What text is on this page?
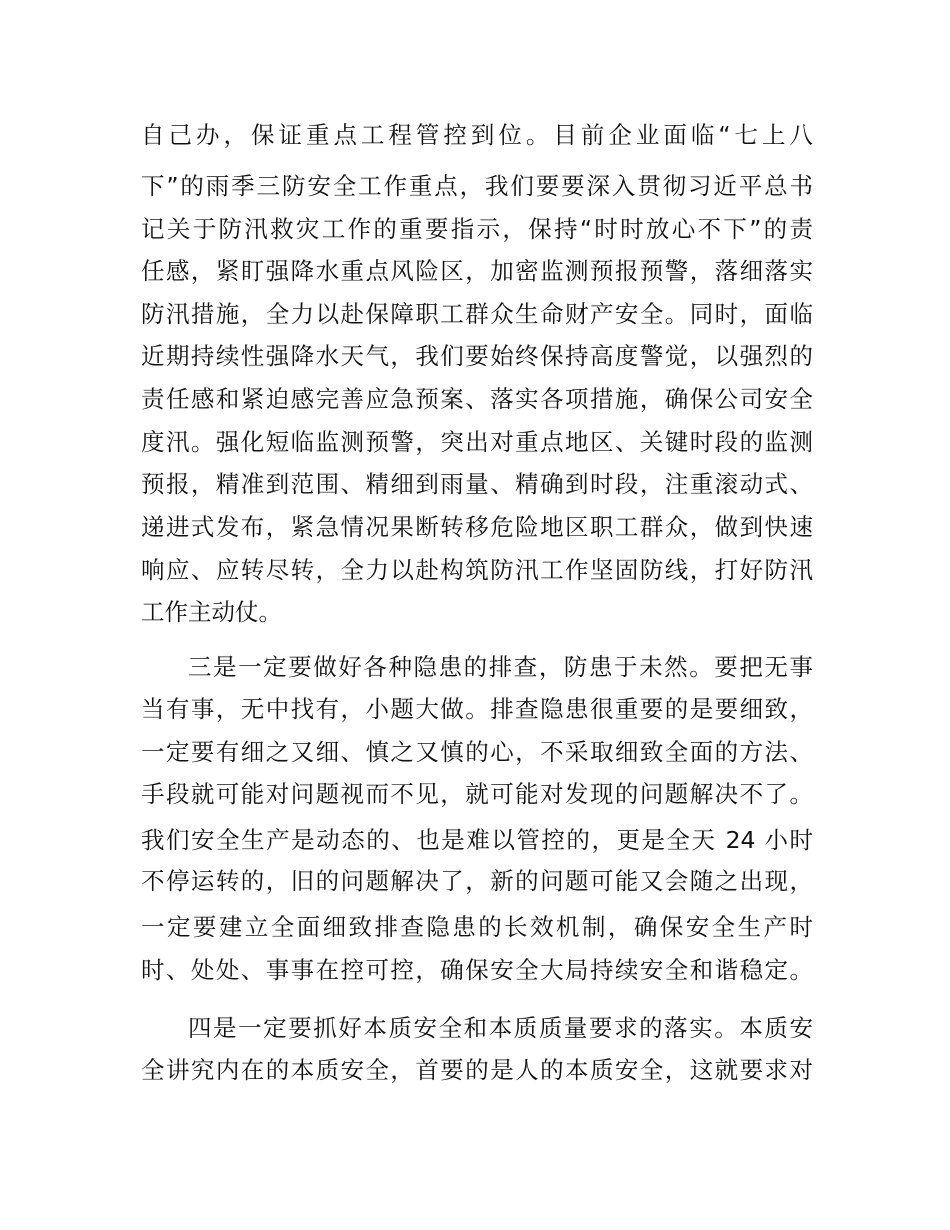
自己办，保证重点工程管控到位。目前企业面临“七上八
下”的雨季三防安全工作重点，我们要要深入贯彻习近平总书
记关于防汛救灾工作的重要指示，保持“时时放心不下”的责
任感，紧盯强降水重点风险区，加密监测预报预警，落细落实
防汛措施，全力以赴保障职工群众生命财产安全。同时，面临
近期持续性强降水天气，我们要始终保持高度警觉，以强烈的
责任感和紧迫感完善应急预案、落实各项措施，确保公司安全
度汛。强化短临监测预警，突出对重点地区、关键时段的监测
预报，精准到范围、精细到雨量、精确到时段，注重滚动式、
递进式发布，紧急情况果断转移危险地区职工群众，做到快速
响应、应转尽转，全力以赴构筑防汛工作坚固防线，打好防汛
工作主动仗。
三是一定要做好各种隐患的排查，防患于未然。要把无事
当有事，无中找有，小题大做。排查隐患很重要的是要细致，
一定要有细之又细、慎之又慎的心，不采取细致全面的方法、
手段就可能对问题视而不见，就可能对发现的问题解决不了。
我们安全生产是动态的、也是难以管控的，更是全天 24 小时
不停运转的，旧的问题解决了，新的问题可能又会随之出现，
一定要建立全面细致排查隐患的长效机制，确保安全生产时
时、处处、事事在控可控，确保安全大局持续安全和谐稳定。
四是一定要抓好本质安全和本质质量要求的落实。本质安
全讲究内在的本质安全，首要的是人的本质安全，这就要求对
